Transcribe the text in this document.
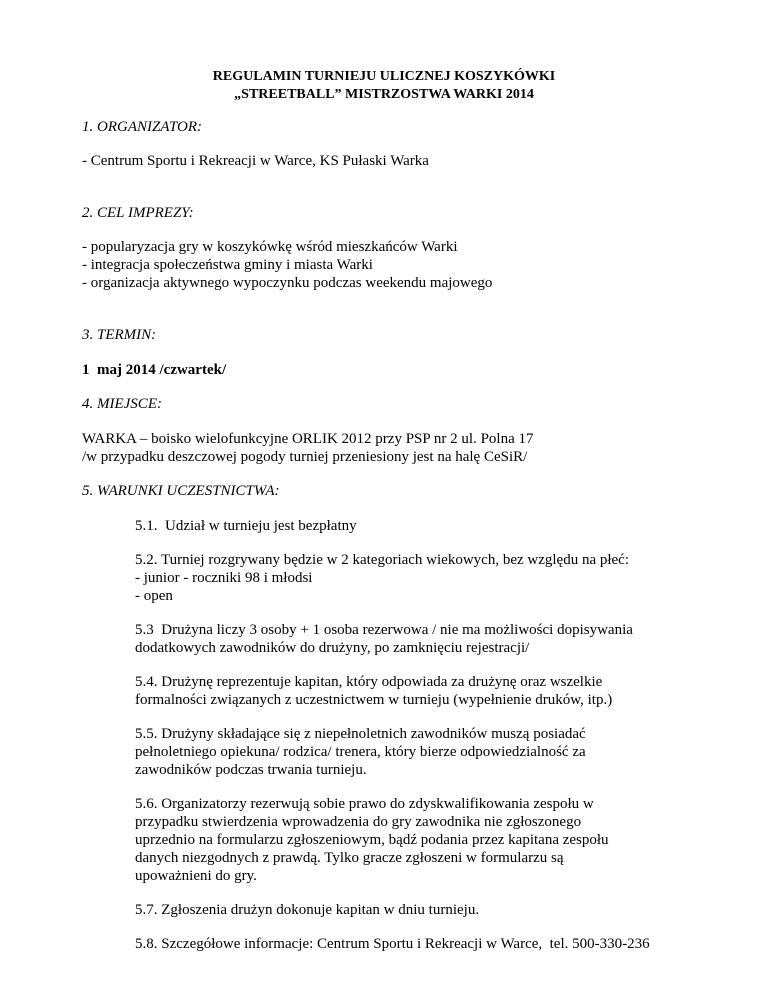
REGULAMIN TURNIEJU ULICZNEJ KOSZYKÓWKI
„STREETBALL” MISTRZOSTWA WARKI 2014
1. ORGANIZATOR:
- Centrum Sportu i Rekreacji w Warce, KS Pułaski Warka
2. CEL IMPREZY:
- popularyzacja gry w koszykówkę wśród mieszkańców Warki
- integracja społeczeństwa gminy i miasta Warki
- organizacja aktywnego wypoczynku podczas weekendu majowego
3. TERMIN:
1  maj 2014 /czwartek/
4. MIEJSCE:
WARKA – boisko wielofunkcyjne ORLIK 2012 przy PSP nr 2 ul. Polna 17
/w przypadku deszczowej pogody turniej przeniesiony jest na halę CeSiR/
5. WARUNKI UCZESTNICTWA:
5.1.  Udział w turnieju jest bezpłatny
5.2. Turniej rozgrywany będzie w 2 kategoriach wiekowych, bez względu na płeć:
- junior - roczniki 98 i młodsi
- open
5.3  Drużyna liczy 3 osoby + 1 osoba rezerwowa / nie ma możliwości dopisywania
dodatkowych zawodników do drużyny, po zamknięciu rejestracji/
5.4. Drużynę reprezentuje kapitan, który odpowiada za drużynę oraz wszelkie
formalności związanych z uczestnictwem w turnieju (wypełnienie druków, itp.)
5.5. Drużyny składające się z niepełnoletnich zawodników muszą posiadać
pełnoletniego opiekuna/ rodzica/ trenera, który bierze odpowiedzialność za
zawodników podczas trwania turnieju.
5.6. Organizatorzy rezerwują sobie prawo do zdyskwalifikowania zespołu w
przypadku stwierdzenia wprowadzenia do gry zawodnika nie zgłoszonego
uprzednio na formularzu zgłoszeniowym, bądź podania przez kapitana zespołu
danych niezgodnych z prawdą. Tylko gracze zgłoszeni w formularzu są
upoważnieni do gry.
5.7. Zgłoszenia drużyn dokonuje kapitan w dniu turnieju.
5.8. Szczegółowe informacje: Centrum Sportu i Rekreacji w Warce,  tel. 500-330-236
